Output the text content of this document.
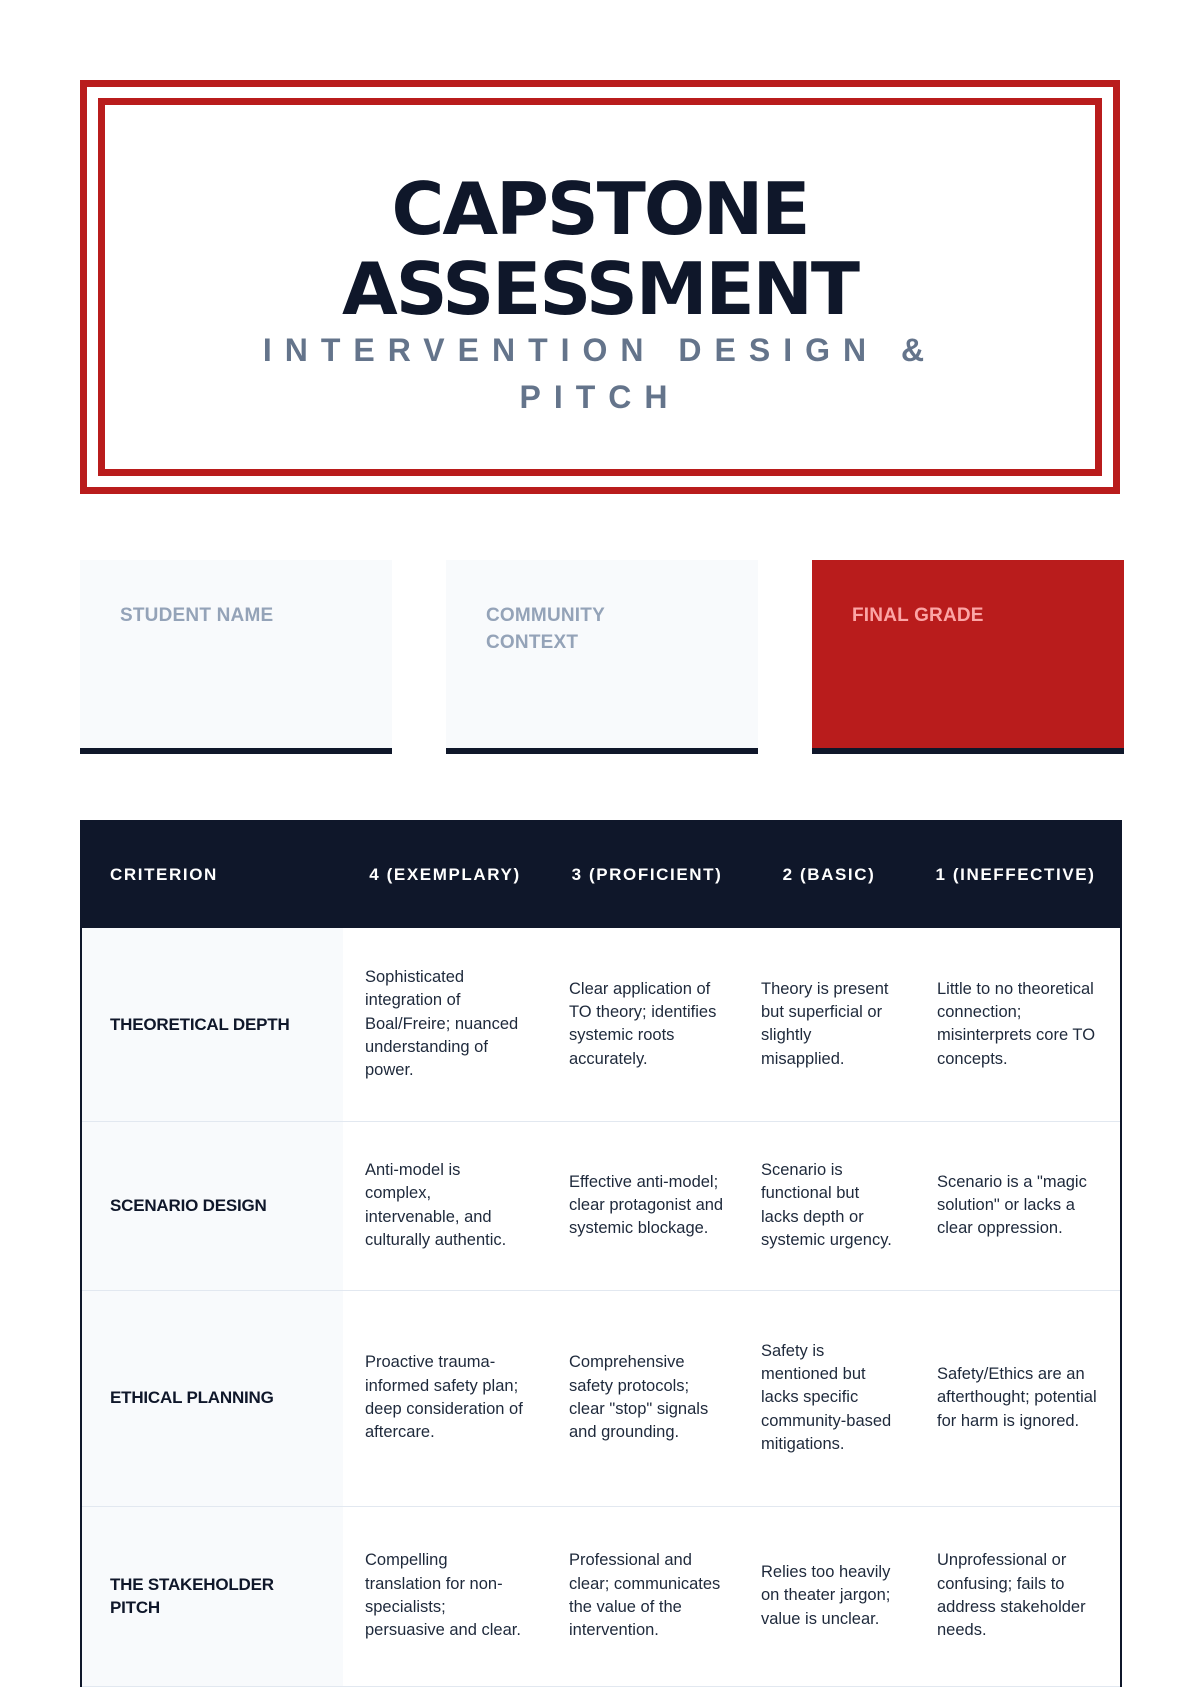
CAPSTONE
ASSESSMENT

INTERVENTION DESIGN & PITCH

STUDENT NAME	COMMUNITY CONTEXT
FINAL GRADE
CRITERION	4 (EXEMPLARY)	3 (PROFICIENT)	2 (BASIC)	1 (INEFFECTIVE)
THEORETICAL DEPTH	Sophisticated integration of Boal/Freire; nuanced understanding of power.	Clear application of TO theory; identifies systemic roots accurately.	Theory is present but superficial or slightly misapplied.	Little to no theoretical connection; misinterprets core TO concepts.
SCENARIO DESIGN	Anti-model is complex, intervenable, and culturally authentic.	Effective anti-model; clear protagonist and systemic blockage.	Scenario is functional but lacks depth or systemic urgency.	Scenario is a "magic solution" or lacks a clear oppression.
ETHICAL PLANNING	Proactive trauma-informed safety plan; deep consideration of aftercare.	Comprehensive safety protocols; clear "stop" signals and grounding.	Safety is mentioned but lacks specific community-based mitigations.	Safety/Ethics are an afterthought; potential for harm is ignored.
THE STAKEHOLDER PITCH	Compelling translation for non-specialists; persuasive and clear.	Professional and clear; communicates the value of the intervention.	Relies too heavily on theater jargon; value is unclear.	Unprofessional or confusing; fails to address stakeholder needs.
